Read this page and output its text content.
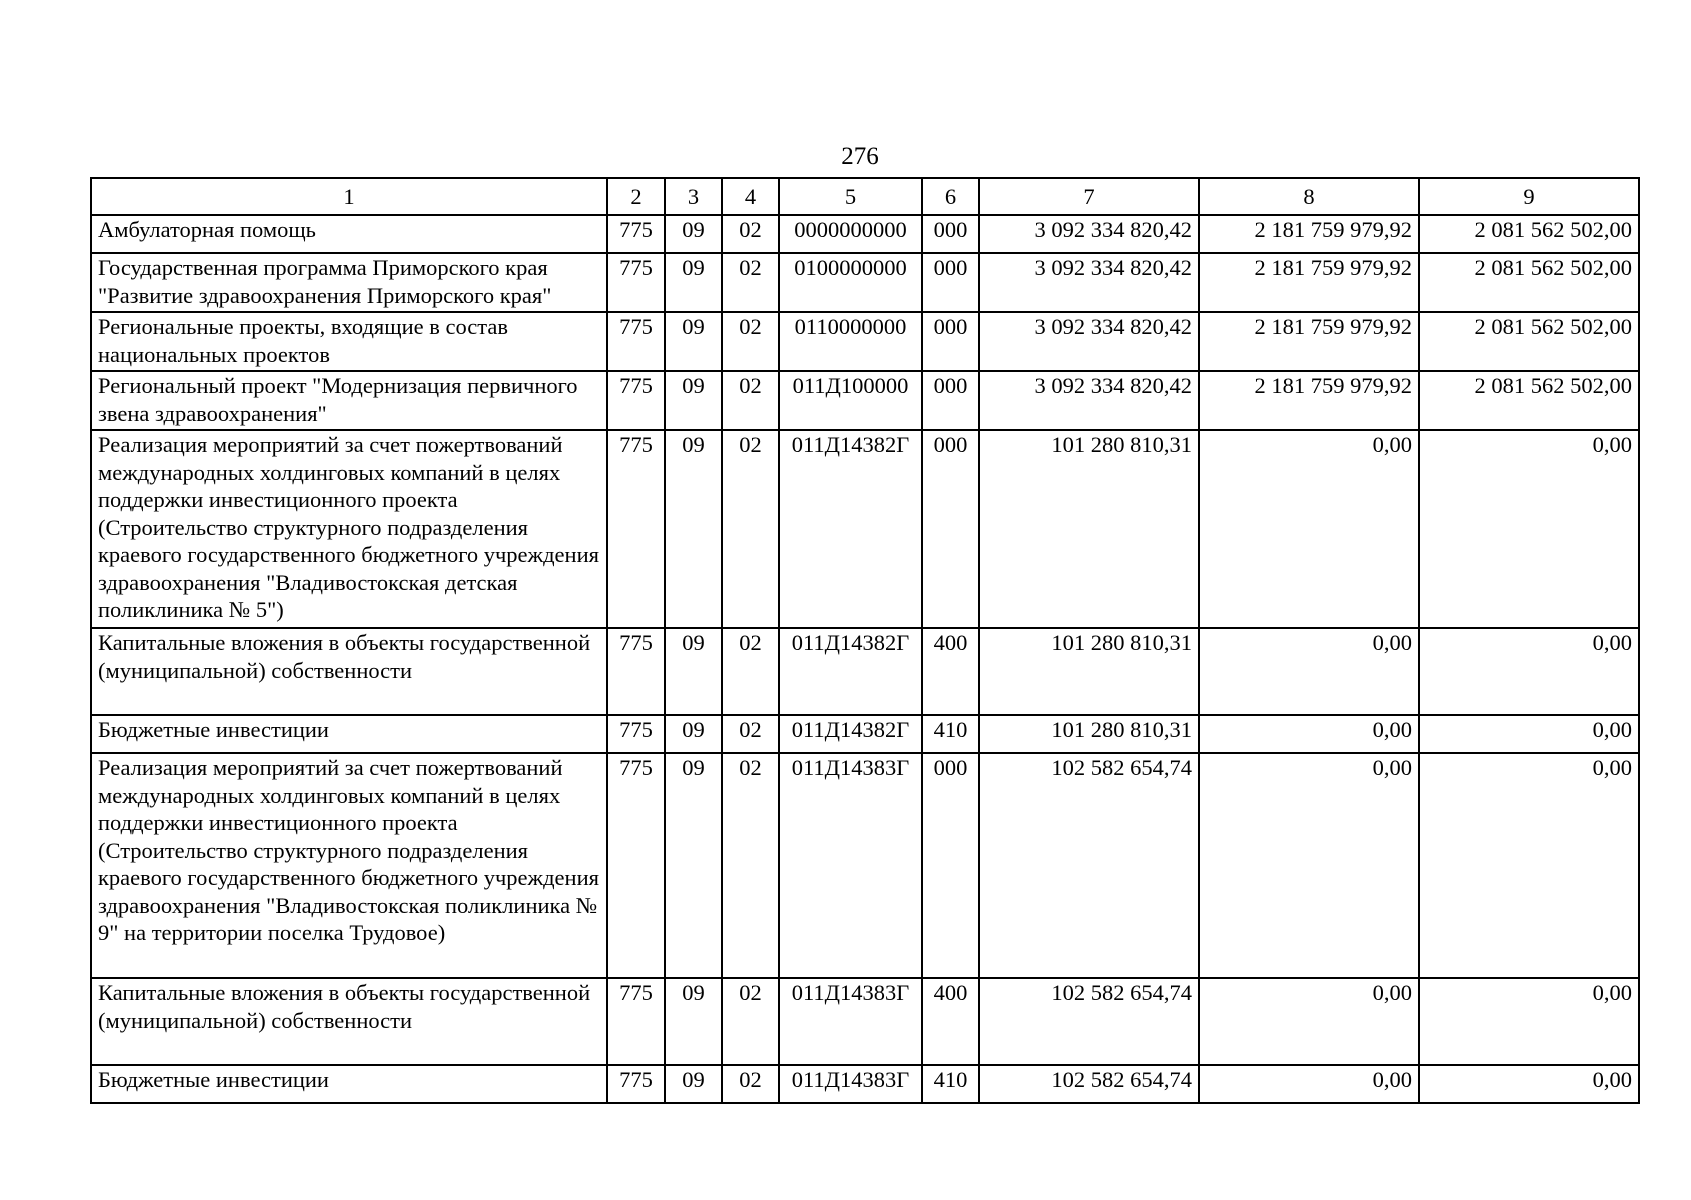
276
1	2	3	4	5	6	7	8	9
Амбулаторная помощь	775	09	02	0000000000	000	3 092 334 820,42	2 181 759 979,92	2 081 562 502,00
Государственная программа Приморского края "Развитие здравоохранения Приморского края"	775	09	02	0100000000	000	3 092 334 820,42	2 181 759 979,92	2 081 562 502,00
Региональные проекты, входящие в состав национальных проектов	775	09	02	0110000000	000	3 092 334 820,42	2 181 759 979,92	2 081 562 502,00
Региональный проект "Модернизация первичного звена здравоохранения"	775	09	02	011Д100000	000	3 092 334 820,42	2 181 759 979,92	2 081 562 502,00
Реализация мероприятий за счет пожертвований международных холдинговых компаний в целях поддержки инвестиционного проекта (Строительство структурного подразделения краевого государственного бюджетного учреждения здравоохранения "Владивостокская детская поликлиника № 5")	775	09	02	011Д14382Г	000	101 280 810,31	0,00	0,00
Капитальные вложения в объекты государственной (муниципальной) собственности	775	09	02	011Д14382Г	400	101 280 810,31	0,00	0,00
Бюджетные инвестиции	775	09	02	011Д14382Г	410	101 280 810,31	0,00	0,00
Реализация мероприятий за счет пожертвований международных холдинговых компаний в целях поддержки инвестиционного проекта (Строительство структурного подразделения краевого государственного бюджетного учреждения здравоохранения "Владивостокская поликлиника № 9" на территории поселка Трудовое)	775	09	02	011Д14383Г	000	102 582 654,74	0,00	0,00
Капитальные вложения в объекты государственной (муниципальной) собственности	775	09	02	011Д14383Г	400	102 582 654,74	0,00	0,00
Бюджетные инвестиции	775	09	02	011Д14383Г	410	102 582 654,74	0,00	0,00
